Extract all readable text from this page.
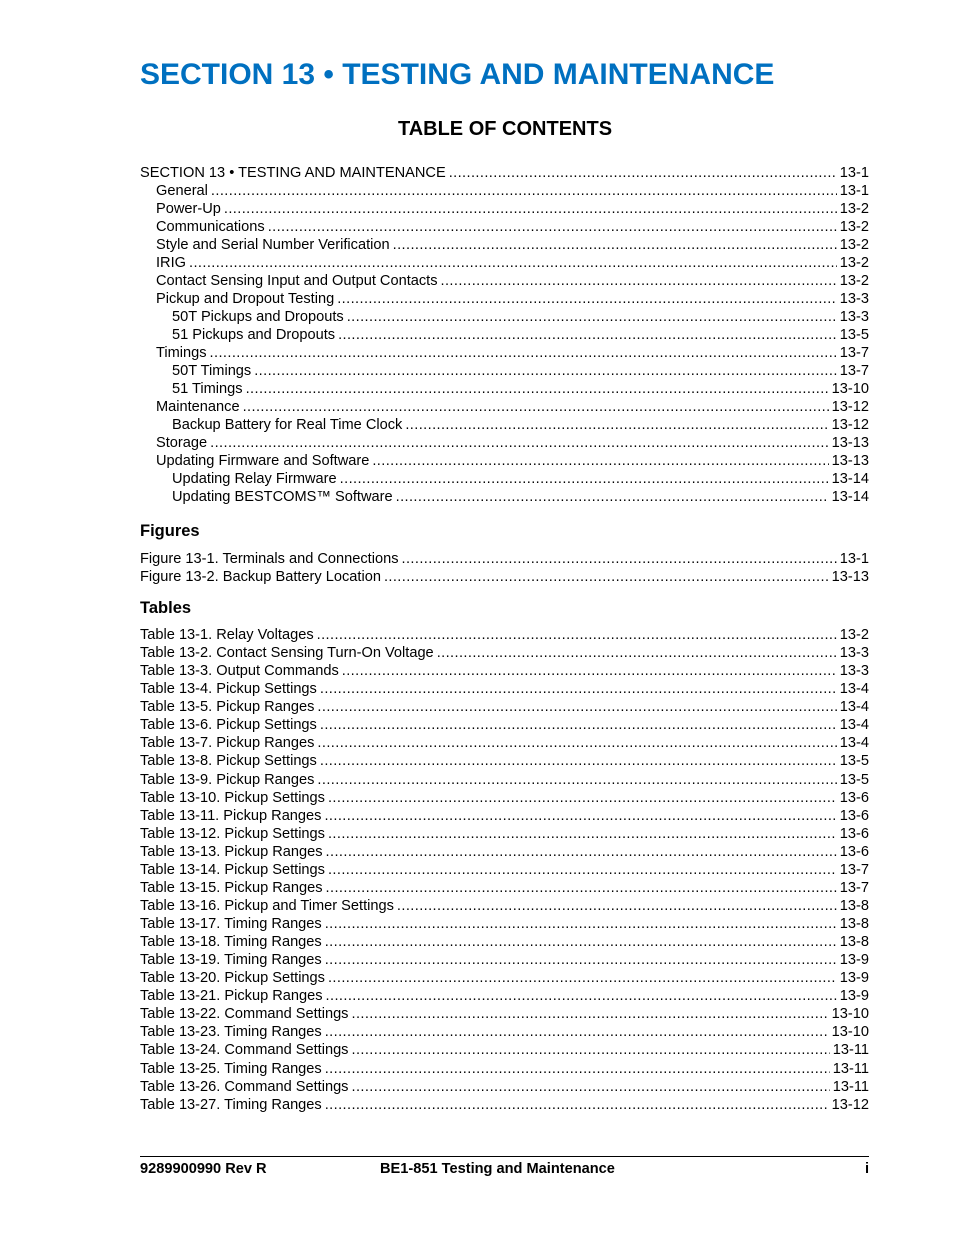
SECTION 13 • TESTING AND MAINTENANCE
TABLE OF CONTENTS
SECTION 13 • TESTING AND MAINTENANCE .....	13-1
General .....	13-1
Power-Up .....	13-2
Communications .....	13-2
Style and Serial Number Verification .....	13-2
IRIG .....	13-2
Contact Sensing Input and Output Contacts .....	13-2
Pickup and Dropout Testing .....	13-3
50T Pickups and Dropouts .....	13-3
51 Pickups and Dropouts .....	13-5
Timings .....	13-7
50T Timings .....	13-7
51 Timings .....	13-10
Maintenance .....	13-12
Backup Battery for Real Time Clock .....	13-12
Storage .....	13-13
Updating Firmware and Software .....	13-13
Updating Relay Firmware .....	13-14
Updating BESTCOMS™ Software .....	13-14
Figures
Figure 13-1. Terminals and Connections .....	13-1
Figure 13-2. Backup Battery Location .....	13-13
Tables
Table 13-1. Relay Voltages .....	13-2
Table 13-2. Contact Sensing Turn-On Voltage .....	13-3
Table 13-3. Output Commands .....	13-3
Table 13-4. Pickup Settings .....	13-4
Table 13-5. Pickup Ranges .....	13-4
Table 13-6. Pickup Settings .....	13-4
Table 13-7. Pickup Ranges .....	13-4
Table 13-8. Pickup Settings .....	13-5
Table 13-9. Pickup Ranges .....	13-5
Table 13-10. Pickup Settings .....	13-6
Table 13-11. Pickup Ranges .....	13-6
Table 13-12. Pickup Settings .....	13-6
Table 13-13. Pickup Ranges .....	13-6
Table 13-14. Pickup Settings .....	13-7
Table 13-15. Pickup Ranges .....	13-7
Table 13-16. Pickup and Timer Settings .....	13-8
Table 13-17. Timing Ranges .....	13-8
Table 13-18. Timing Ranges .....	13-8
Table 13-19. Timing Ranges .....	13-9
Table 13-20. Pickup Settings .....	13-9
Table 13-21. Pickup Ranges .....	13-9
Table 13-22. Command Settings .....	13-10
Table 13-23. Timing Ranges .....	13-10
Table 13-24. Command Settings .....	13-11
Table 13-25. Timing Ranges .....	13-11
Table 13-26. Command Settings .....	13-11
Table 13-27. Timing Ranges .....	13-12
9289900990 Rev R	BE1-851 Testing and Maintenance	i
